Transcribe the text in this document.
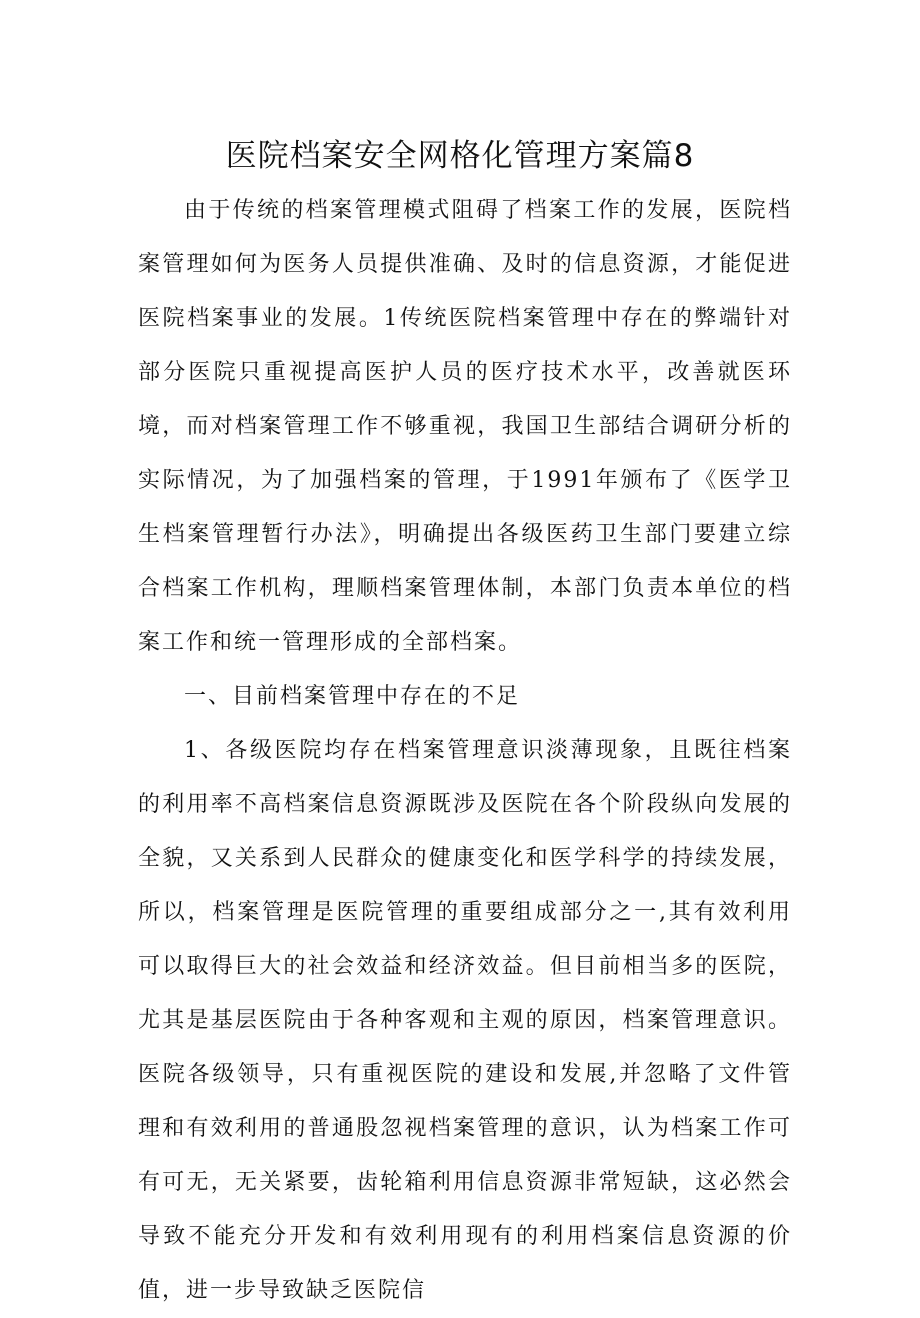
医院档案安全网格化管理方案篇8

由于传统的档案管理模式阻碍了档案工作的发展，医院档案管理如何为医务人员提供准确、及时的信息资源，才能促进医院档案事业的发展。1传统医院档案管理中存在的弊端针对部分医院只重视提高医护人员的医疗技术水平，改善就医环境，而对档案管理工作不够重视，我国卫生部结合调研分析的实际情况，为了加强档案的管理，于1991年颁布了《医学卫生档案管理暂行办法》，明确提出各级医药卫生部门要建立综合档案工作机构，理顺档案管理体制，本部门负责本单位的档案工作和统一管理形成的全部档案。

一、目前档案管理中存在的不足

1、各级医院均存在档案管理意识淡薄现象，且既往档案的利用率不高档案信息资源既涉及医院在各个阶段纵向发展的全貌，又关系到人民群众的健康变化和医学科学的持续发展，所以，档案管理是医院管理的重要组成部分之一,其有效利用可以取得巨大的社会效益和经济效益。但目前相当多的医院，尤其是基层医院由于各种客观和主观的原因，档案管理意识。医院各级领导，只有重视医院的建设和发展,并忽略了文件管理和有效利用的普通股忽视档案管理的意识，认为档案工作可有可无，无关紧要，齿轮箱利用信息资源非常短缺，这必然会导致不能充分开发和有效利用现有的利用档案信息资源的价值，进一步导致缺乏医院信
